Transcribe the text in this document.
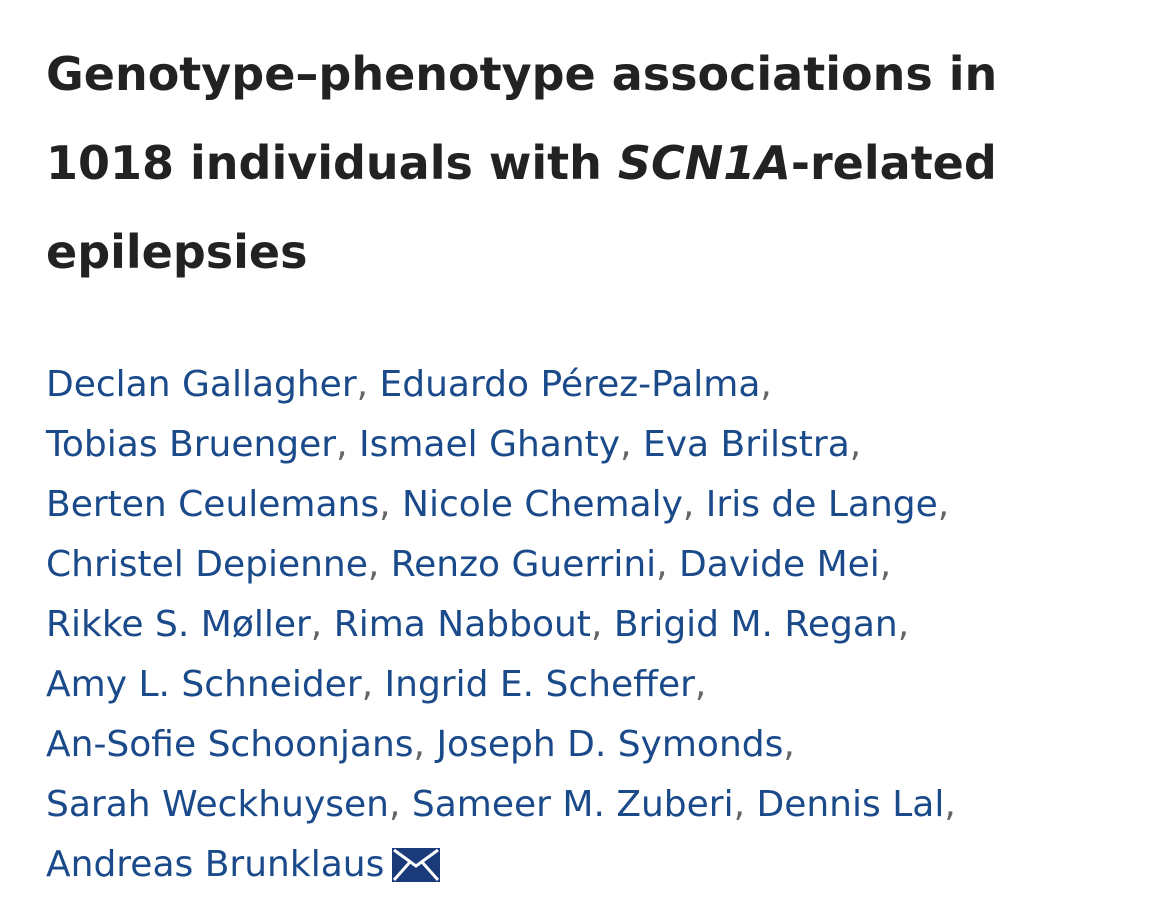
Genotype–phenotype associations in
1018 individuals with SCN1A-related
epilepsies
Declan Gallagher, Eduardo Pérez-Palma,
Tobias Bruenger, Ismael Ghanty, Eva Brilstra,
Berten Ceulemans, Nicole Chemaly, Iris de Lange,
Christel Depienne, Renzo Guerrini, Davide Mei,
Rikke S. Møller, Rima Nabbout, Brigid M. Regan,
Amy L. Schneider, Ingrid E. Scheffer,
An-Sofie Schoonjans, Joseph D. Symonds,
Sarah Weckhuysen, Sameer M. Zuberi, Dennis Lal,
Andreas Brunklaus
